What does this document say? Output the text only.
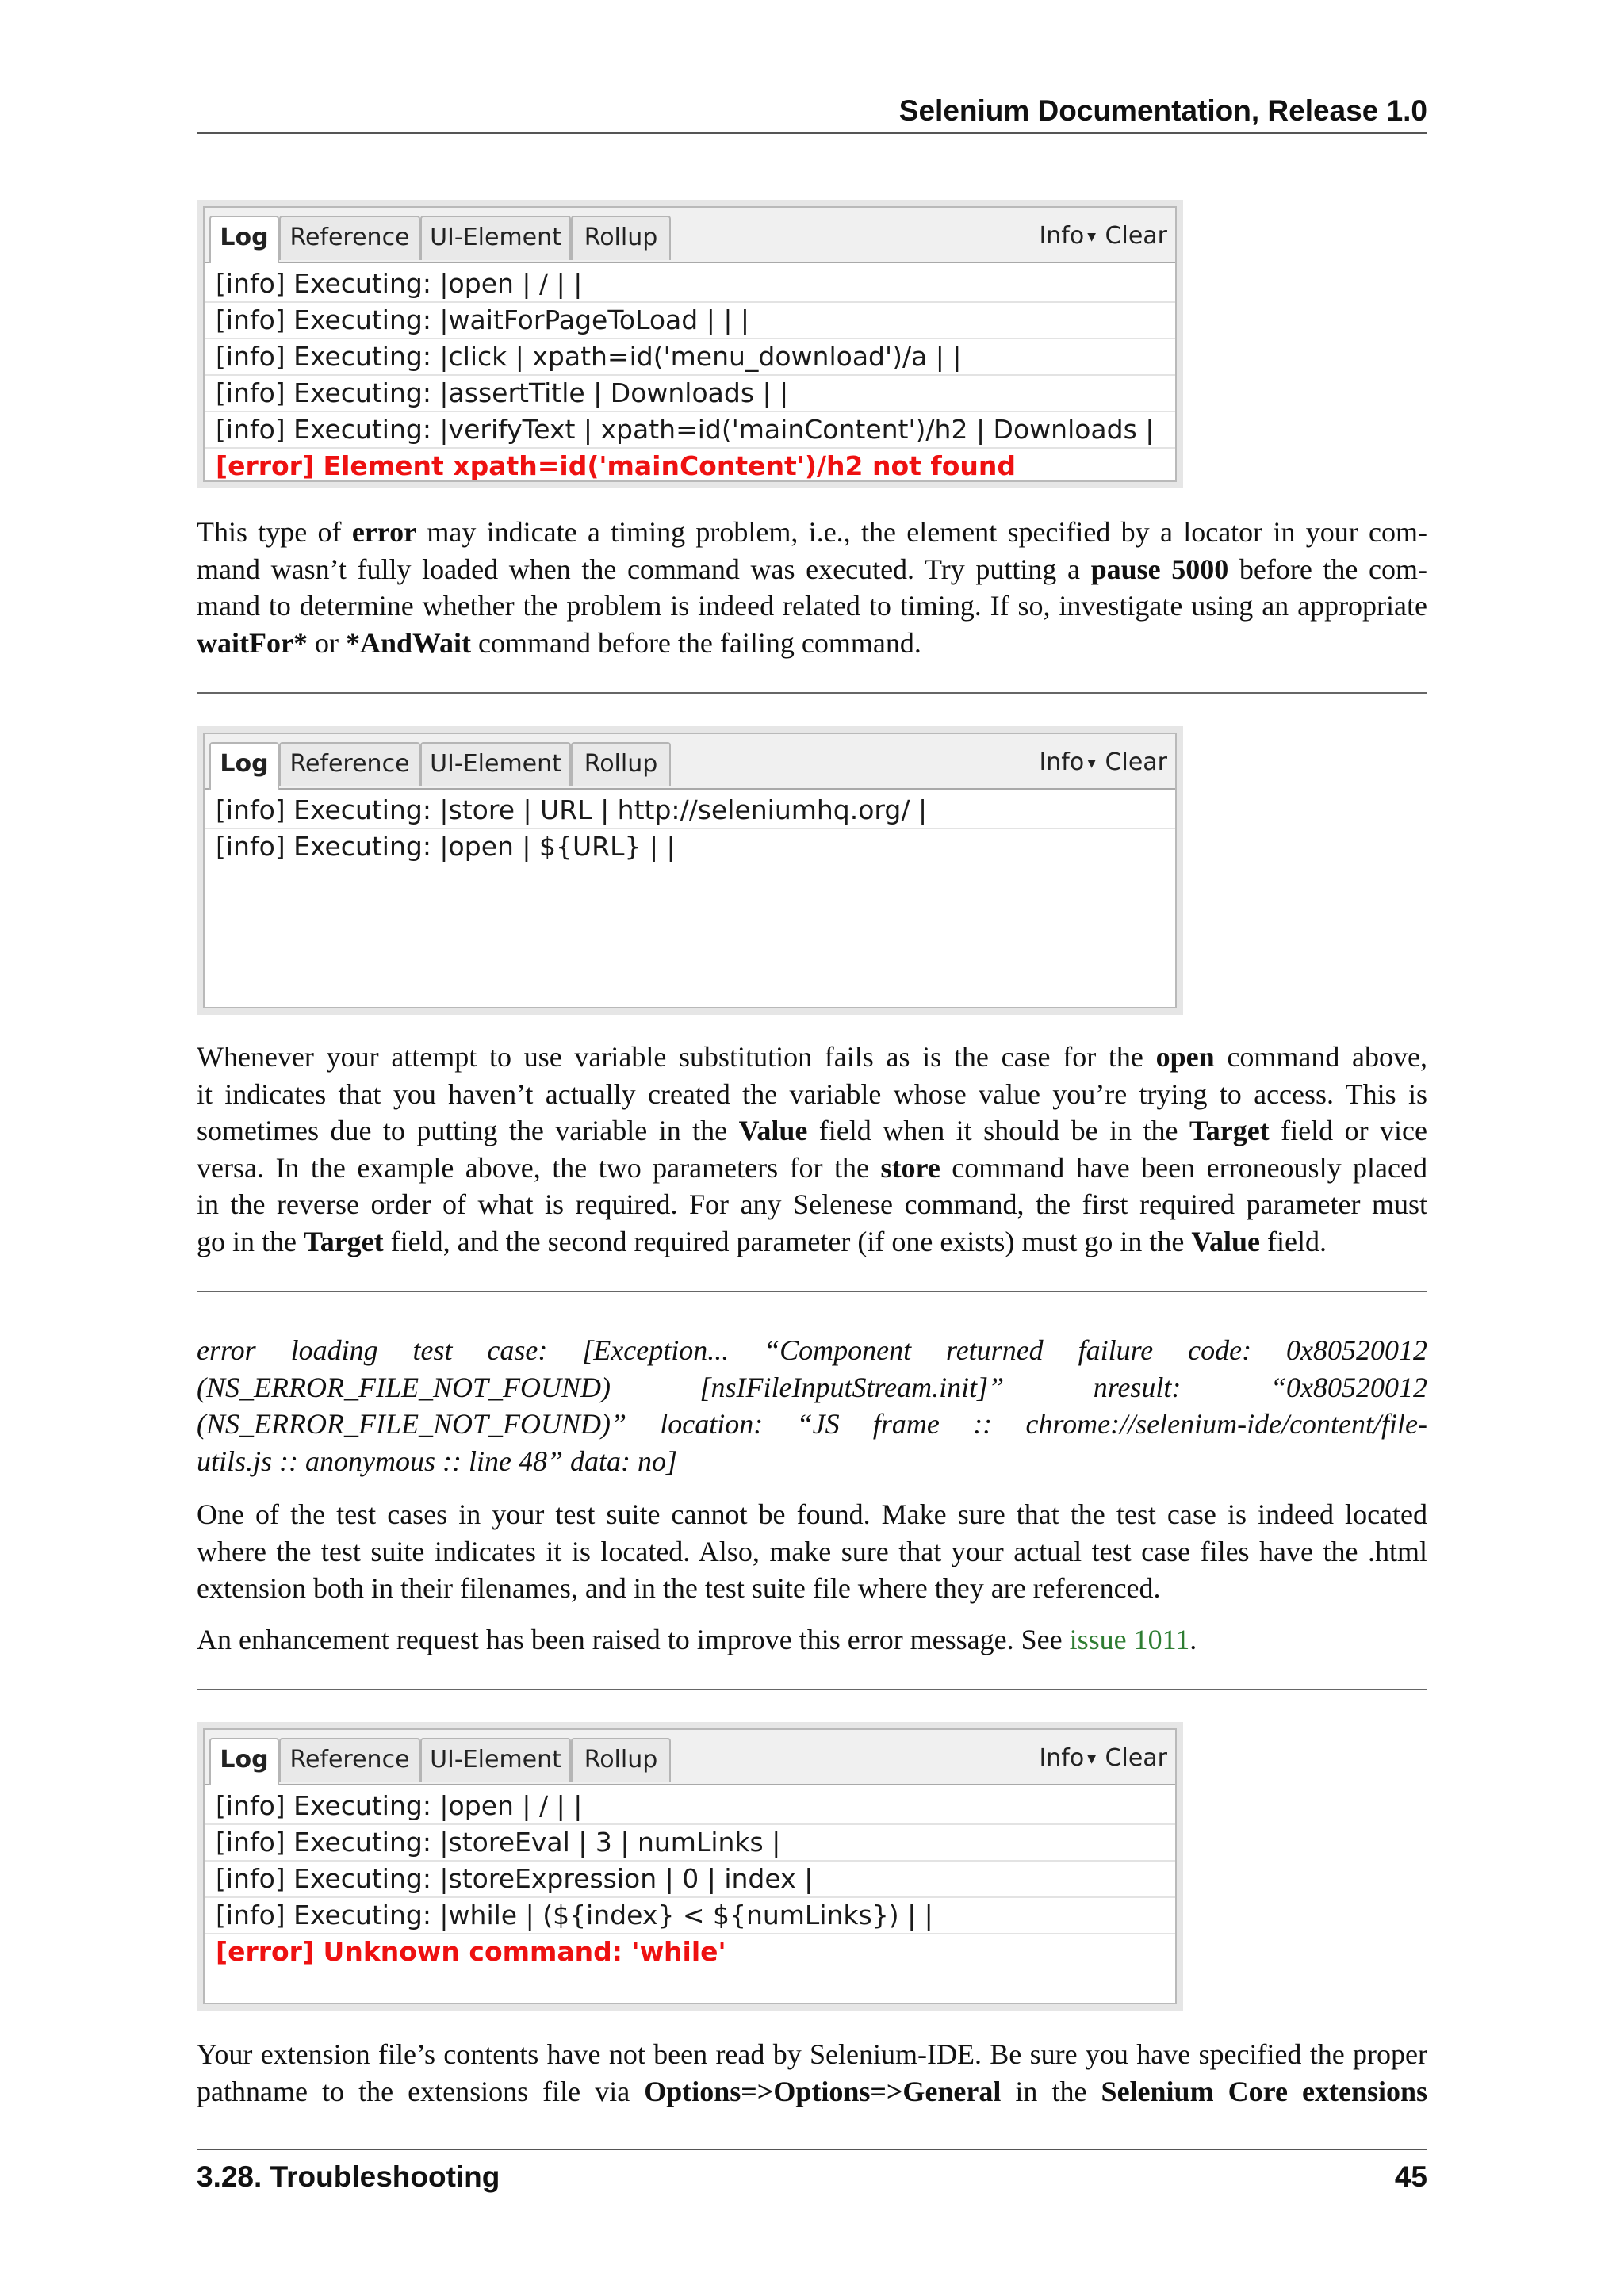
Selenium Documentation, Release 1.0
Log Reference UI-Element Rollup	Info ▼ Clear
[info] Executing: |open | / | |
[info] Executing: |waitForPageToLoad | | |
[info] Executing: |click | xpath=id('menu_download')/a | |
[info] Executing: |assertTitle | Downloads | |
[info] Executing: |verifyText | xpath=id('mainContent')/h2 | Downloads |
[error] Element xpath=id('mainContent')/h2 not found
This type of error may indicate a timing problem, i.e., the element specified by a locator in your com-
mand wasn’t fully loaded when the command was executed. Try putting a pause 5000 before the com-
mand to determine whether the problem is indeed related to timing. If so, investigate using an appropriate
waitFor* or *AndWait command before the failing command.
Log Reference UI-Element Rollup	Info ▼ Clear
[info] Executing: |store | URL | http://seleniumhq.org/ |
[info] Executing: |open | ${URL} | |
Whenever your attempt to use variable substitution fails as is the case for the open command above,
it indicates that you haven’t actually created the variable whose value you’re trying to access. This is
sometimes due to putting the variable in the Value field when it should be in the Target field or vice
versa. In the example above, the two parameters for the store command have been erroneously placed
in the reverse order of what is required. For any Selenese command, the first required parameter must
go in the Target field, and the second required parameter (if one exists) must go in the Value field.
error loading test case: [Exception... “Component returned failure code: 0x80520012
(NS_ERROR_FILE_NOT_FOUND) [nsIFileInputStream.init]” nresult: “0x80520012
(NS_ERROR_FILE_NOT_FOUND)” location: “JS frame :: chrome://selenium-ide/content/file-
utils.js :: anonymous :: line 48” data: no]
One of the test cases in your test suite cannot be found. Make sure that the test case is indeed located
where the test suite indicates it is located. Also, make sure that your actual test case files have the .html
extension both in their filenames, and in the test suite file where they are referenced.
An enhancement request has been raised to improve this error message. See issue 1011.
Log Reference UI-Element Rollup	Info ▼ Clear
[info] Executing: |open | / | |
[info] Executing: |storeEval | 3 | numLinks |
[info] Executing: |storeExpression | 0 | index |
[info] Executing: |while | (${index} < ${numLinks}) | |
[error] Unknown command: 'while'
Your extension file’s contents have not been read by Selenium-IDE. Be sure you have specified the proper
pathname to the extensions file via Options=>Options=>General in the Selenium Core extensions
3.28. Troubleshooting	45
